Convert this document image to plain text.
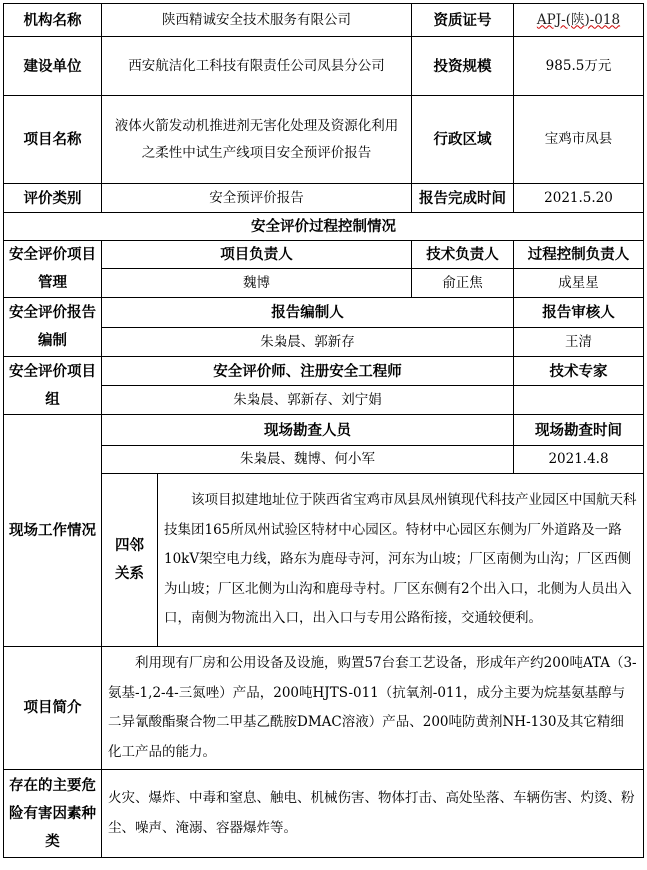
机构名称	陕西精诚安全技术服务有限公司	资质证号	APJ-(陕)-018
建设单位	西安航洁化工科技有限责任公司凤县分公司	投资规模	985.5万元
项目名称	液体火箭发动机推进剂无害化处理及资源化利用之柔性中试生产线项目安全预评价报告	行政区域	宝鸡市凤县
评价类别	安全预评价报告	报告完成时间	2021.5.20
安全评价过程控制情况			
安全评价项目管理	项目负责人		技术负责人	过程控制负责人
	魏博		俞正焦	成星星
安全评价报告编制	报告编制人			报告审核人
	朱枭晨、郭新存			王清
安全评价项目组	安全评价师、注册安全工程师			技术专家
	朱枭晨、郭新存、刘宁娟			
现场工作情况	现场勘查人员			现场勘查时间
	朱枭晨、魏博、何小军			2021.4.8
	四邻关系	该项目拟建地址位于陕西省宝鸡市凤县凤州镇现代科技产业园区中国航天科技集团165所凤州试验区特材中心园区。特材中心园区东侧为厂外道路及一路10kV架空电力线，路东为鹿母寺河，河东为山坡；厂区南侧为山沟；厂区西侧为山坡；厂区北侧为山沟和鹿母寺村。厂区东侧有2个出入口，北侧为人员出入口，南侧为物流出入口，出入口与专用公路衔接，交通较便利。		
项目简介	利用现有厂房和公用设备及设施，购置57台套工艺设备，形成年产约200吨ATA（3-氨基-1,2-4-三氮唑）产品，200吨HJTS-011（抗氧剂-011，成分主要为烷基氨基醇与二异氰酸酯聚合物二甲基乙酰胺DMAC溶液）产品、200吨防黄剂NH-130及其它精细化工产品的能力。			
存在的主要危险有害因素种类	火灾、爆炸、中毒和窒息、触电、机械伤害、物体打击、高处坠落、车辆伤害、灼烫、粉尘、噪声、淹溺、容器爆炸等。			
